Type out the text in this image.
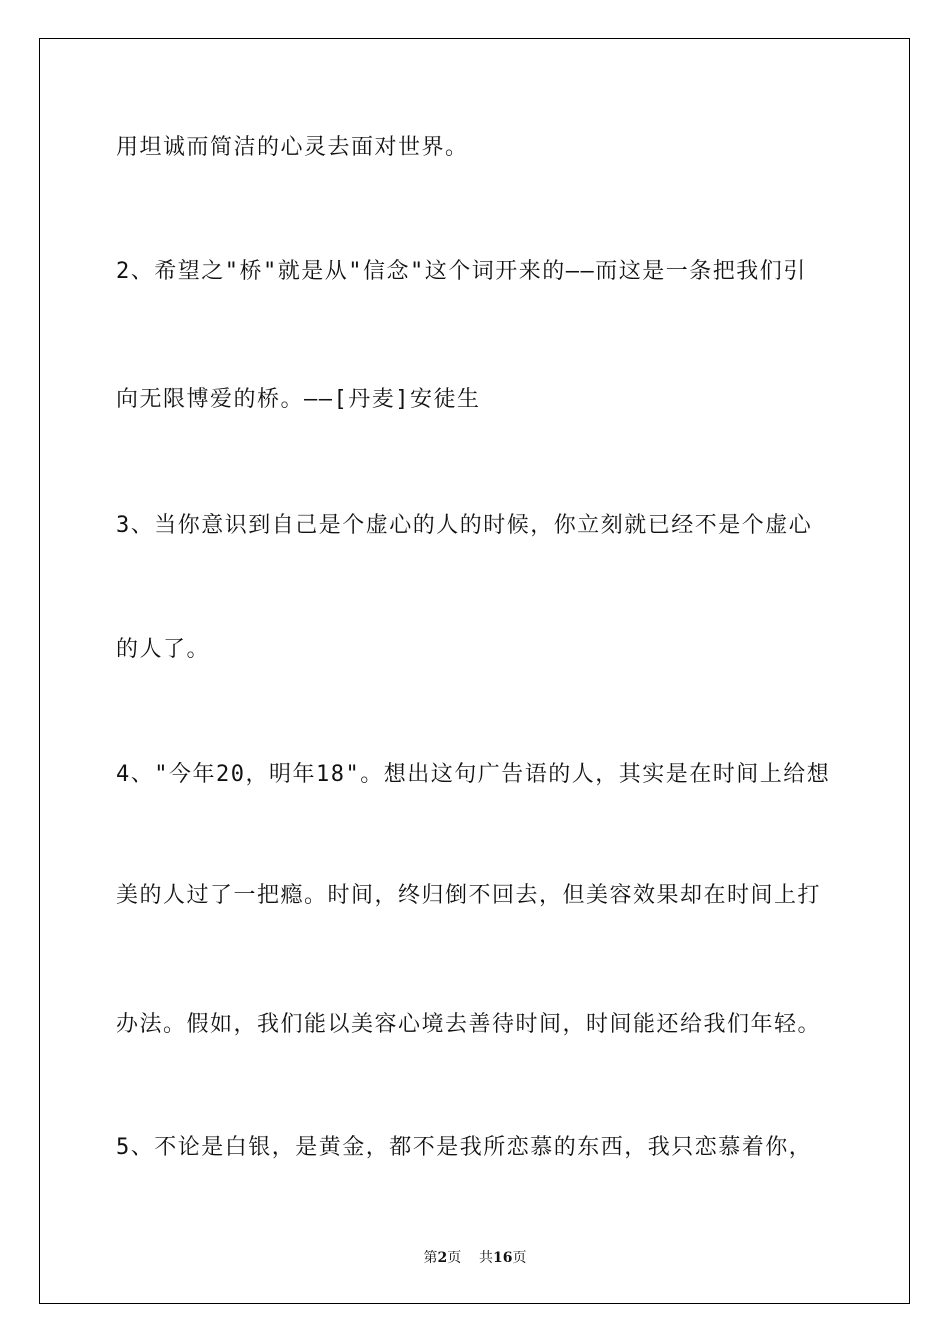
用坦诚而简洁的心灵去面对世界。
2、希望之"桥"就是从"信念"这个词开来的——而这是一条把我们引
向无限博爱的桥。——[丹麦]安徒生
3、当你意识到自己是个虚心的人的时候，你立刻就已经不是个虚心
的人了。
4、"今年20，明年18"。想出这句广告语的人，其实是在时间上给想
美的人过了一把瘾。时间，终归倒不回去，但美容效果却在时间上打
办法。假如，我们能以美容心境去善待时间，时间能还给我们年轻。
5、不论是白银，是黄金，都不是我所恋慕的东西，我只恋慕着你，
第2页 共16页
